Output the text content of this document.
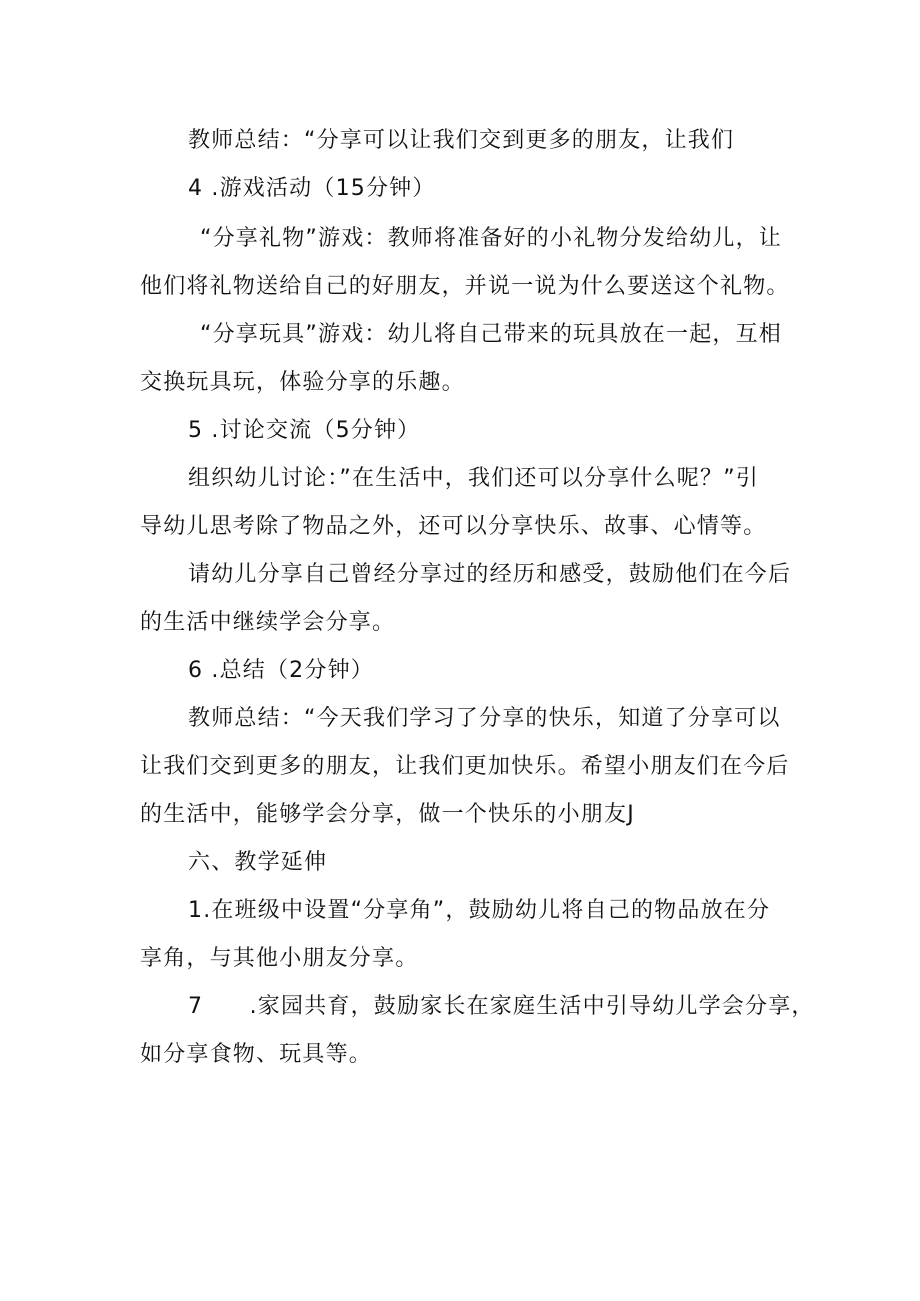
教师总结：“分享可以让我们交到更多的朋友，让我们
4 .游戏活动（15分钟）
“分享礼物”游戏：教师将准备好的小礼物分发给幼儿，让
他们将礼物送给自己的好朋友，并说一说为什么要送这个礼物。
“分享玩具”游戏：幼儿将自己带来的玩具放在一起，互相
交换玩具玩，体验分享的乐趣。
5 .讨论交流（5分钟）
组织幼儿讨论：”在生活中，我们还可以分享什么呢？”引
导幼儿思考除了物品之外，还可以分享快乐、故事、心情等。
请幼儿分享自己曾经分享过的经历和感受，鼓励他们在今后
的生活中继续学会分享。
6 .总结（2分钟）
教师总结：“今天我们学习了分享的快乐，知道了分享可以
让我们交到更多的朋友，让我们更加快乐。希望小朋友们在今后
的生活中，能够学会分享，做一个快乐的小朋友J
六、教学延伸
1.在班级中设置“分享角”，鼓励幼儿将自己的物品放在分
享角，与其他小朋友分享。
7　　.家园共育，鼓励家长在家庭生活中引导幼儿学会分享，
如分享食物、玩具等。
